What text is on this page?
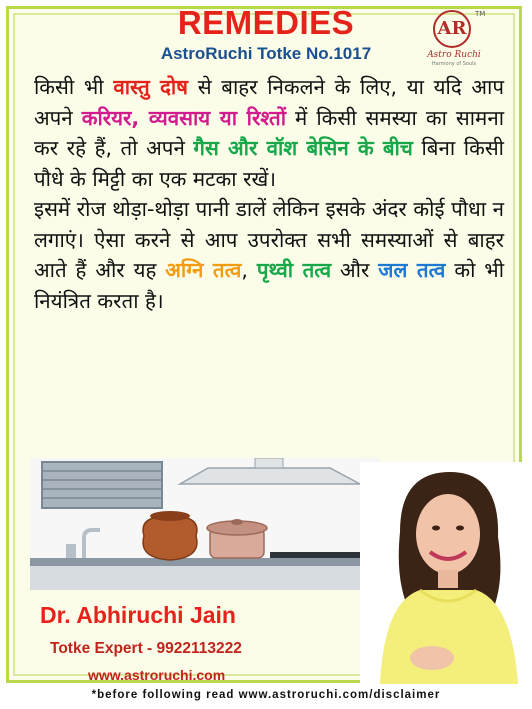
REMEDIES
AstroRuchi Totke No.1017
AR
TM
Astro Ruchi
Harmony of Souls
किसी भी वास्तु दोष से बाहर निकलने के लिए, या यदि आप अपने करियर, व्यवसाय या रिश्तों में किसी समस्या का सामना कर रहे हैं, तो अपने गैस और वॉश बेसिन के बीच बिना किसी पौधे के मिट्टी का एक मटका रखें।
इसमें रोज थोड़ा-थोड़ा पानी डालें लेकिन इसके अंदर कोई पौधा न लगाएं। ऐसा करने से आप उपरोक्त सभी समस्याओं से बाहर आते हैं और यह अग्नि तत्व, पृथ्वी तत्व और जल तत्व को भी नियंत्रित करता है।
Dr. Abhiruchi Jain
Totke Expert - 9922113222
www.astroruchi.com
*before following read www.astroruchi.com/disclaimer
